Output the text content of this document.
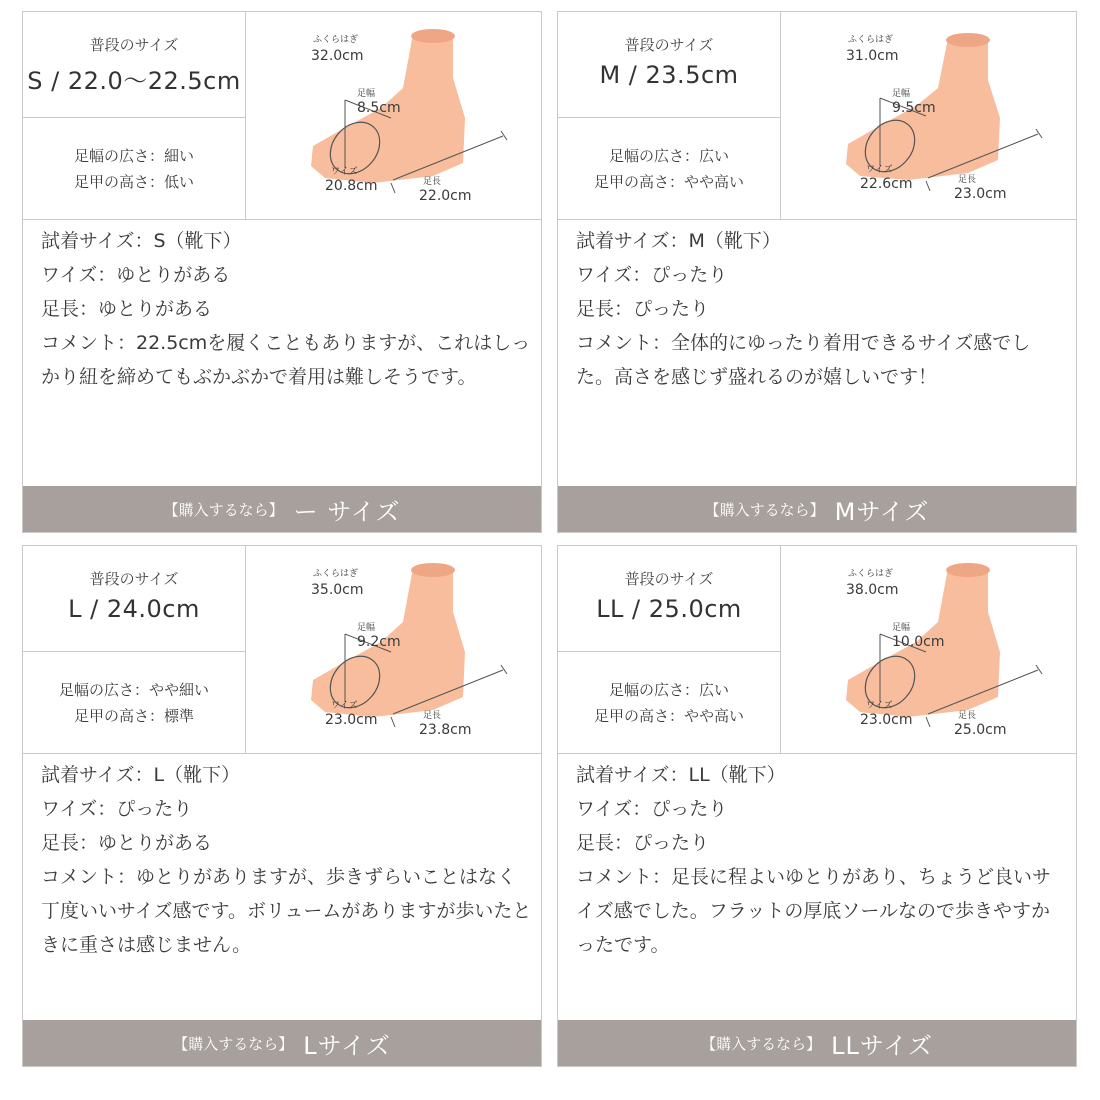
普段のサイズ
S / 22.0〜22.5cm
足幅の広さ：細い
足甲の高さ：低い
ふくらはぎ
32.0cm
足幅
8.5cm
ワイズ
20.8cm	足長
22.0cm
試着サイズ：S（靴下）
ワイズ：ゆとりがある
足長：ゆとりがある
コメント：22.5cmを履くこともありますが、これはしっかり紐を締めてもぶかぶかで着用は難しそうです。
【購入するなら】 ー サイズ
普段のサイズ
M / 23.5cm
足幅の広さ：広い
足甲の高さ：やや高い
ふくらはぎ
31.0cm
足幅
9.5cm
ワイズ
22.6cm	足長
23.0cm
試着サイズ：M（靴下）
ワイズ：ぴったり
足長：ぴったり
コメント：全体的にゆったり着用できるサイズ感でした。高さを感じず盛れるのが嬉しいです！
【購入するなら】 Mサイズ
普段のサイズ
L / 24.0cm
足幅の広さ：やや細い
足甲の高さ：標準
ふくらはぎ
35.0cm
足幅
9.2cm
ワイズ
23.0cm	足長
23.8cm
試着サイズ：L（靴下）
ワイズ：ぴったり
足長：ゆとりがある
コメント：ゆとりがありますが、歩きずらいことはなく丁度いいサイズ感です。ボリュームがありますが歩いたときに重さは感じません。
【購入するなら】 Lサイズ
普段のサイズ
LL / 25.0cm
足幅の広さ：広い
足甲の高さ：やや高い
ふくらはぎ
38.0cm
足幅
10.0cm
ワイズ
23.0cm	足長
25.0cm
試着サイズ：LL（靴下）
ワイズ：ぴったり
足長：ぴったり
コメント：足長に程よいゆとりがあり、ちょうど良いサイズ感でした。フラットの厚底ソールなので歩きやすかったです。
【購入するなら】 LLサイズ
